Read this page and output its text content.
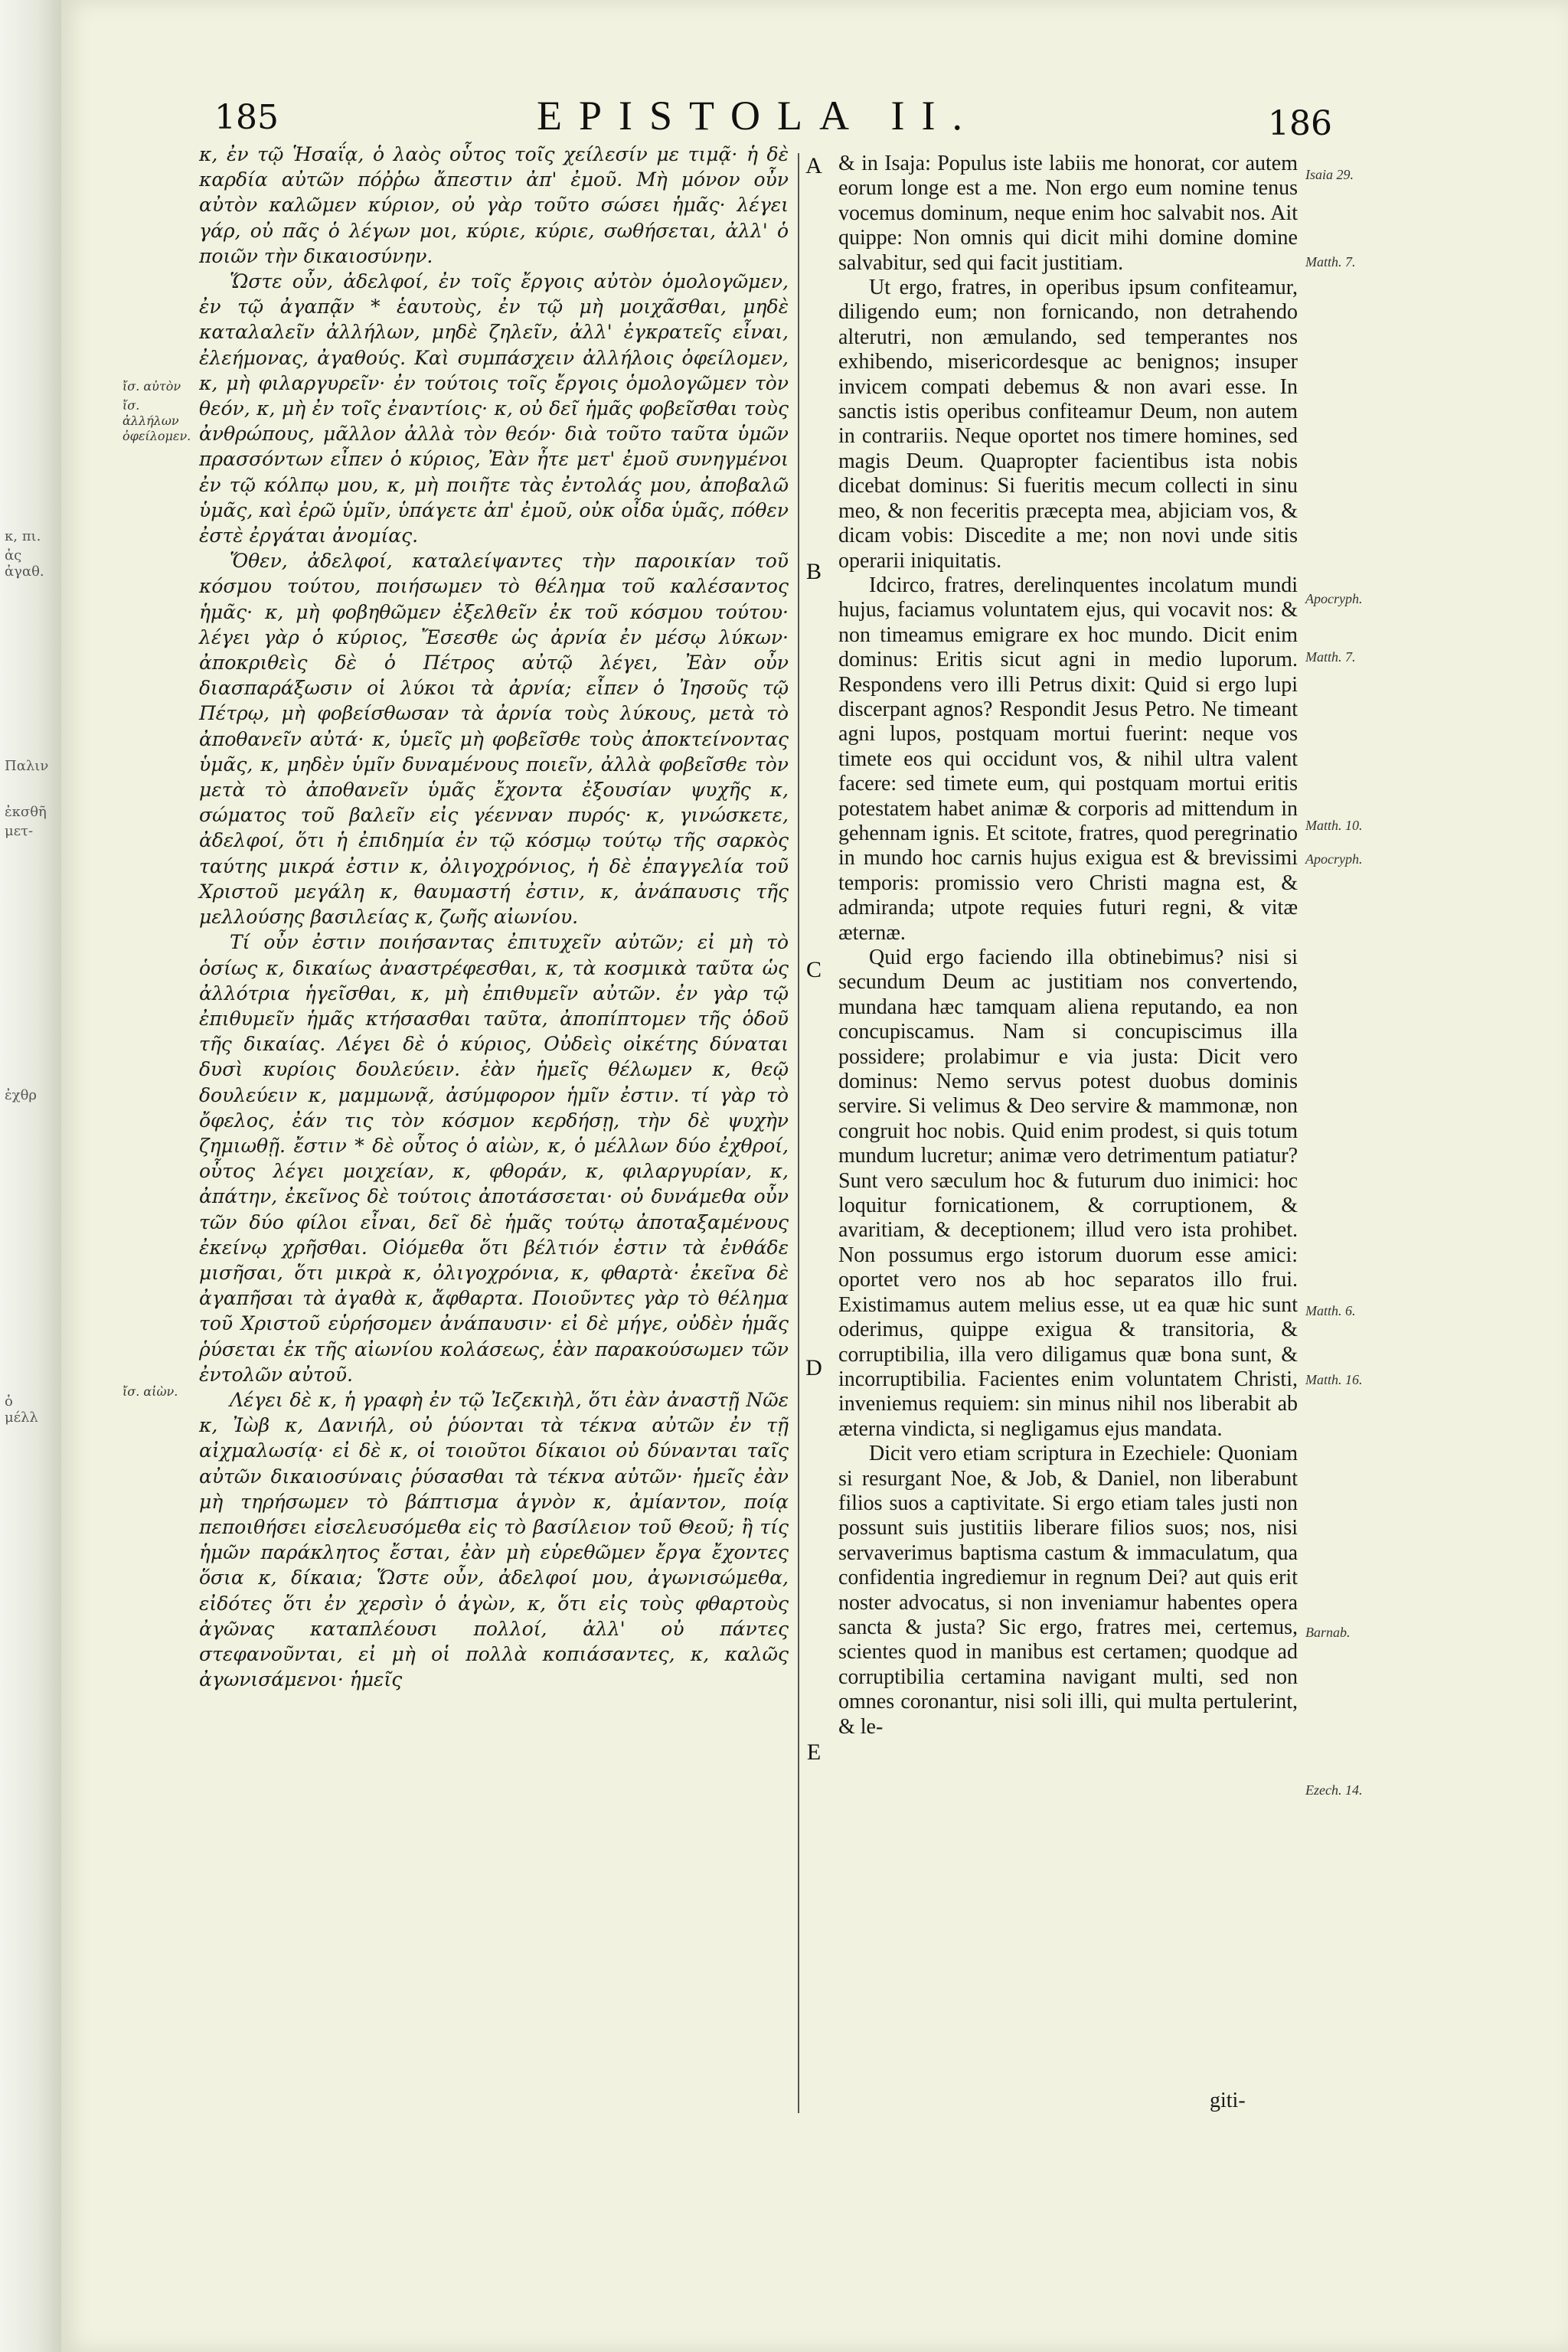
κ, πι.
ἀς ἀγαθ.
Παλιν
ἐκσθῆ
μετ-
ἐχθρ
ὁ μέλλ
185	EPISTOLA II.	186

κ, ἐν τῷ Ἡσαΐᾳ, ὁ λαὸς οὗτος τοῖς χείλεσίν με τιμᾷ· ἡ δὲ καρδία αὐτῶν πόῤῥω ἄπεστιν ἀπ' ἐμοῦ. Μὴ μόνον οὖν αὐτὸν καλῶμεν κύριον, οὐ γὰρ τοῦτο σώσει ἡμᾶς· λέγει γάρ, οὐ πᾶς ὁ λέγων μοι, κύριε, κύριε, σωθήσεται, ἀλλ' ὁ ποιῶν τὴν δικαιοσύνην.

Ὥστε οὖν, ἀδελφοί, ἐν τοῖς ἔργοις αὐτὸν ὁμολογῶμεν, ἐν τῷ ἀγαπᾷν * ἑαυτοὺς, ἐν τῷ μὴ μοιχᾶσθαι, μηδὲ καταλαλεῖν ἀλλήλων, μηδὲ ζηλεῖν, ἀλλ' ἐγκρατεῖς εἶναι, ἐλεήμονας, ἀγαθούς. Καὶ συμπάσχειν ἀλλήλοις ὀφείλομεν, κ, μὴ φιλαργυρεῖν· ἐν τούτοις τοῖς ἔργοις ὁμολογῶμεν τὸν θεόν, κ, μὴ ἐν τοῖς ἐναντίοις· κ, οὐ δεῖ ἡμᾶς φοβεῖσθαι τοὺς ἀνθρώπους, μᾶλλον ἀλλὰ τὸν θεόν· διὰ τοῦτο ταῦτα ὑμῶν πρασσόντων εἶπεν ὁ κύριος, Ἐὰν ἦτε μετ' ἐμοῦ συνηγμένοι ἐν τῷ κόλπῳ μου, κ, μὴ ποιῆτε τὰς ἐντολάς μου, ἀποβαλῶ ὑμᾶς, καὶ ἐρῶ ὑμῖν, ὑπάγετε ἀπ' ἐμοῦ, οὐκ οἶδα ὑμᾶς, πόθεν ἐστὲ ἐργάται ἀνομίας.

Ὅθεν, ἀδελφοί, καταλείψαντες τὴν παροικίαν τοῦ κόσμου τούτου, ποιήσωμεν τὸ θέλημα τοῦ καλέσαντος ἡμᾶς· κ, μὴ φοβηθῶμεν ἐξελθεῖν ἐκ τοῦ κόσμου τούτου· λέγει γὰρ ὁ κύριος, Ἔσεσθε ὡς ἀρνία ἐν μέσῳ λύκων· ἀποκριθεὶς δὲ ὁ Πέτρος αὐτῷ λέγει, Ἐὰν οὖν διασπαράξωσιν οἱ λύκοι τὰ ἀρνία; εἶπεν ὁ Ἰησοῦς τῷ Πέτρῳ, μὴ φοβείσθωσαν τὰ ἀρνία τοὺς λύκους, μετὰ τὸ ἀποθανεῖν αὐτά· κ, ὑμεῖς μὴ φοβεῖσθε τοὺς ἀποκτείνοντας ὑμᾶς, κ, μηδὲν ὑμῖν δυναμένους ποιεῖν, ἀλλὰ φοβεῖσθε τὸν μετὰ τὸ ἀποθανεῖν ὑμᾶς ἔχοντα ἐξουσίαν ψυχῆς κ, σώματος τοῦ βαλεῖν εἰς γέενναν πυρός· κ, γινώσκετε, ἀδελφοί, ὅτι ἡ ἐπιδημία ἐν τῷ κόσμῳ τούτῳ τῆς σαρκὸς ταύτης μικρά ἐστιν κ, ὀλιγοχρόνιος, ἡ δὲ ἐπαγγελία τοῦ Χριστοῦ μεγάλη κ, θαυμαστή ἐστιν, κ, ἀνάπαυσις τῆς μελλούσης βασιλείας κ, ζωῆς αἰωνίου.

Τί οὖν ἐστιν ποιήσαντας ἐπιτυχεῖν αὐτῶν; εἰ μὴ τὸ ὁσίως κ, δικαίως ἀναστρέφεσθαι, κ, τὰ κοσμικὰ ταῦτα ὡς ἀλλότρια ἡγεῖσθαι, κ, μὴ ἐπιθυμεῖν αὐτῶν. ἐν γὰρ τῷ ἐπιθυμεῖν ἡμᾶς κτήσασθαι ταῦτα, ἀποπίπτομεν τῆς ὁδοῦ τῆς δικαίας. Λέγει δὲ ὁ κύριος, Οὐδεὶς οἰκέτης δύναται δυσὶ κυρίοις δουλεύειν. ἐὰν ἡμεῖς θέλωμεν κ, θεῷ δουλεύειν κ, μαμμωνᾷ, ἀσύμφορον ἡμῖν ἐστιν. τί γὰρ τὸ ὄφελος, ἐάν τις τὸν κόσμον κερδήσῃ, τὴν δὲ ψυχὴν ζημιωθῇ. ἔστιν * δὲ οὗτος ὁ αἰὼν, κ, ὁ μέλλων δύο ἐχθροί, οὗτος λέγει μοιχείαν, κ, φθοράν, κ, φιλαργυρίαν, κ, ἀπάτην, ἐκεῖνος δὲ τούτοις ἀποτάσσεται· οὐ δυνάμεθα οὖν τῶν δύο φίλοι εἶναι, δεῖ δὲ ἡμᾶς τούτῳ ἀποταξαμένους ἐκείνῳ χρῆσθαι. Οἰόμεθα ὅτι βέλτιόν ἐστιν τὰ ἐνθάδε μισῆσαι, ὅτι μικρὰ κ, ὀλιγοχρόνια, κ, φθαρτὰ· ἐκεῖνα δὲ ἀγαπῆσαι τὰ ἀγαθὰ κ, ἄφθαρτα. Ποιοῦντες γὰρ τὸ θέλημα τοῦ Χριστοῦ εὑρήσομεν ἀνάπαυσιν· εἰ δὲ μήγε, οὐδὲν ἡμᾶς ῥύσεται ἐκ τῆς αἰωνίου κολάσεως, ἐὰν παρακούσωμεν τῶν ἐντολῶν αὐτοῦ.

Λέγει δὲ κ, ἡ γραφὴ ἐν τῷ Ἰεζεκιὴλ, ὅτι ἐὰν ἀναστῇ Νῶε κ, Ἰὼβ κ, Δανιήλ, οὐ ῥύονται τὰ τέκνα αὐτῶν ἐν τῇ αἰχμαλωσίᾳ· εἰ δὲ κ, οἱ τοιοῦτοι δίκαιοι οὐ δύνανται ταῖς αὐτῶν δικαιοσύναις ῥύσασθαι τὰ τέκνα αὐτῶν· ἡμεῖς ἐὰν μὴ τηρήσωμεν τὸ βάπτισμα ἁγνὸν κ, ἀμίαντον, ποίᾳ πεποιθήσει εἰσελευσόμεθα εἰς τὸ βασίλειον τοῦ Θεοῦ; ἢ τίς ἡμῶν παράκλητος ἔσται, ἐὰν μὴ εὑρεθῶμεν ἔργα ἔχοντες ὅσια κ, δίκαια; Ὥστε οὖν, ἀδελφοί μου, ἀγωνισώμεθα, εἰδότες ὅτι ἐν χερσὶν ὁ ἀγὼν, κ, ὅτι εἰς τοὺς φθαρτοὺς ἀγῶνας καταπλέουσι πολλοί, ἀλλ' οὐ πάντες στεφανοῦνται, εἰ μὴ οἱ πολλὰ κοπιάσαντες, κ, καλῶς ἀγωνισάμενοι· ἡμεῖς

ἴσ. αὐτὸν
ἴσ. ἀλλήλων ὀφείλομεν.
ἴσ. αἰὼν.
A
B
C
D
E

& in Isaja: Populus iste labiis me honorat, cor autem eorum longe est a me. Non ergo eum nomine tenus vocemus dominum, neque enim hoc salvabit nos. Ait quippe: Non omnis qui dicit mihi domine domine salvabitur, sed qui facit justitiam.

Ut ergo, fratres, in operibus ipsum confiteamur, diligendo eum; non fornicando, non detrahendo alterutri, non æmulando, sed temperantes nos exhibendo, misericordesque ac benignos; insuper invicem compati debemus & non avari esse. In sanctis istis operibus confiteamur Deum, non autem in contrariis. Neque oportet nos timere homines, sed magis Deum. Quapropter facientibus ista nobis dicebat dominus: Si fueritis mecum collecti in sinu meo, & non feceritis præcepta mea, abjiciam vos, & dicam vobis: Discedite a me; non novi unde sitis operarii iniquitatis.

Idcirco, fratres, derelinquentes incolatum mundi hujus, faciamus voluntatem ejus, qui vocavit nos: & non timeamus emigrare ex hoc mundo. Dicit enim dominus: Eritis sicut agni in medio luporum. Respondens vero illi Petrus dixit: Quid si ergo lupi discerpant agnos? Respondit Jesus Petro. Ne timeant agni lupos, postquam mortui fuerint: neque vos timete eos qui occidunt vos, & nihil ultra valent facere: sed timete eum, qui postquam mortui eritis potestatem habet animæ & corporis ad mittendum in gehennam ignis. Et scitote, fratres, quod peregrinatio in mundo hoc carnis hujus exigua est & brevissimi temporis: promissio vero Christi magna est, & admiranda; utpote requies futuri regni, & vitæ æternæ.

Quid ergo faciendo illa obtinebimus? nisi si secundum Deum ac justitiam nos convertendo, mundana hæc tamquam aliena reputando, ea non concupiscamus. Nam si concupiscimus illa possidere; prolabimur e via justa: Dicit vero dominus: Nemo servus potest duobus dominis servire. Si velimus & Deo servire & mammonæ, non congruit hoc nobis. Quid enim prodest, si quis totum mundum lucretur; animæ vero detrimentum patiatur? Sunt vero sæculum hoc & futurum duo inimici: hoc loquitur fornicationem, & corruptionem, & avaritiam, & deceptionem; illud vero ista prohibet. Non possumus ergo istorum duorum esse amici: oportet vero nos ab hoc separatos illo frui. Existimamus autem melius esse, ut ea quæ hic sunt oderimus, quippe exigua & transitoria, & corruptibilia, illa vero diligamus quæ bona sunt, & incorruptibilia. Facientes enim voluntatem Christi, inveniemus requiem: sin minus nihil nos liberabit ab æterna vindicta, si negligamus ejus mandata.

Dicit vero etiam scriptura in Ezechiele: Quoniam si resurgant Noe, & Job, & Daniel, non liberabunt filios suos a captivitate. Si ergo etiam tales justi non possunt suis justitiis liberare filios suos; nos, nisi servaverimus baptisma castum & immaculatum, qua confidentia ingrediemur in regnum Dei? aut quis erit noster advocatus, si non inveniamur habentes opera sancta & justa? Sic ergo, fratres mei, certemus, scientes quod in manibus est certamen; quodque ad corruptibilia certamina navigant multi, sed non omnes coronantur, nisi soli illi, qui multa pertulerint, & le-

Isaia 29.
Matth. 7.
Apocryph.
Matth. 7.
Matth. 10.
Apocryph.
Matth. 6.
Matth. 16.
Barnab.
Ezech. 14.
giti-
